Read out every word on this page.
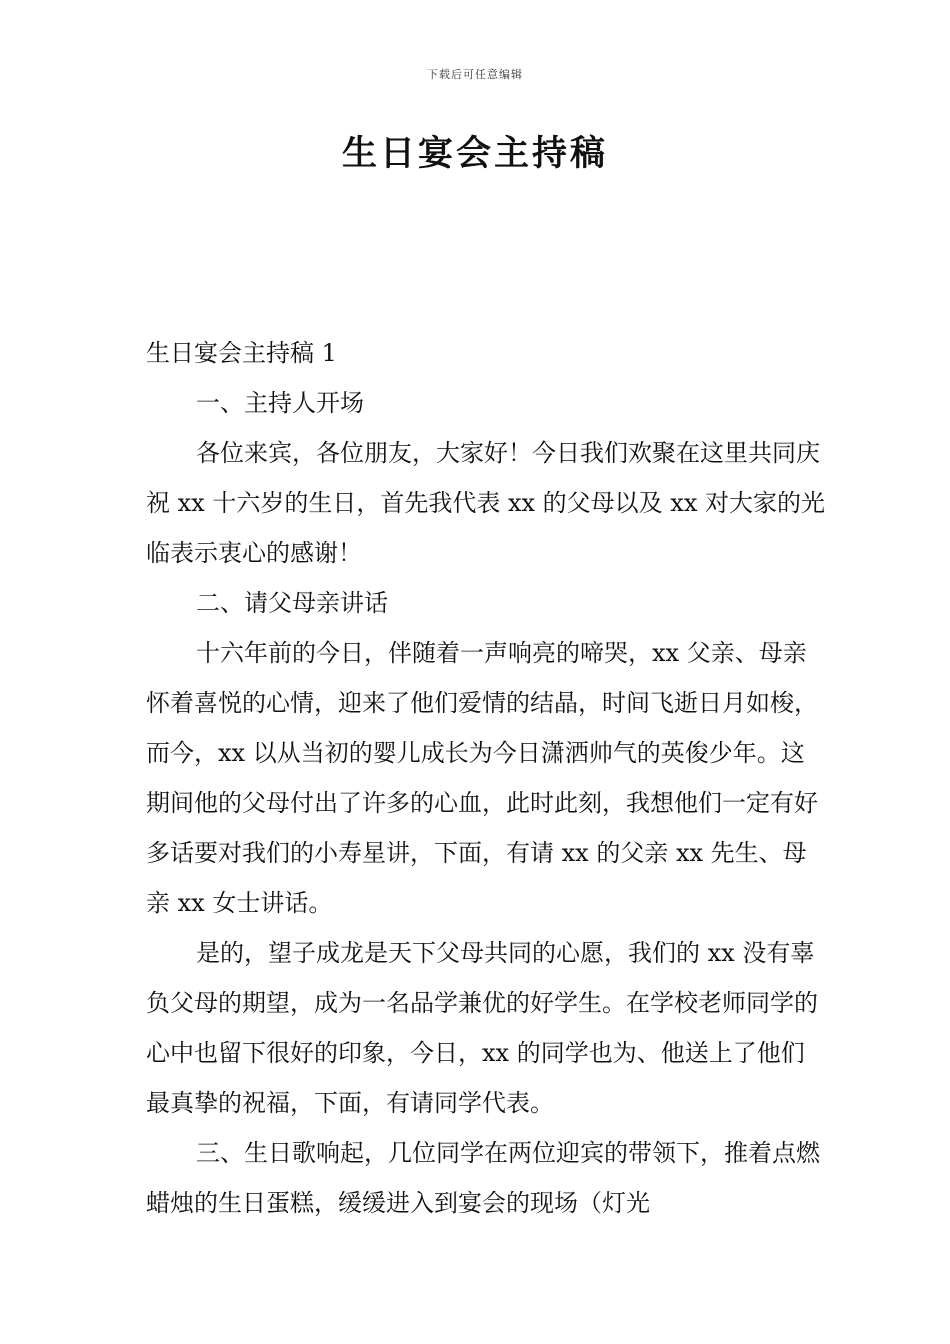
下载后可任意编辑
生日宴会主持稿

生日宴会主持稿 1

一、主持人开场

各位来宾，各位朋友，大家好！今日我们欢聚在这里共同庆祝 xx 十六岁的生日，首先我代表 xx 的父母以及 xx 对大家的光临表示衷心的感谢！

二、请父母亲讲话

十六年前的今日，伴随着一声响亮的啼哭，xx 父亲、母亲怀着喜悦的心情，迎来了他们爱情的结晶，时间飞逝日月如梭，而今，xx 以从当初的婴儿成长为今日潇洒帅气的英俊少年。这期间他的父母付出了许多的心血，此时此刻，我想他们一定有好多话要对我们的小寿星讲，下面，有请 xx 的父亲 xx 先生、母亲 xx 女士讲话。

是的，望子成龙是天下父母共同的心愿，我们的 xx 没有辜负父母的期望，成为一名品学兼优的好学生。在学校老师同学的心中也留下很好的印象，今日，xx 的同学也为、他送上了他们最真挚的祝福，下面，有请同学代表。

三、生日歌响起，几位同学在两位迎宾的带领下，推着点燃蜡烛的生日蛋糕，缓缓进入到宴会的现场（灯光
